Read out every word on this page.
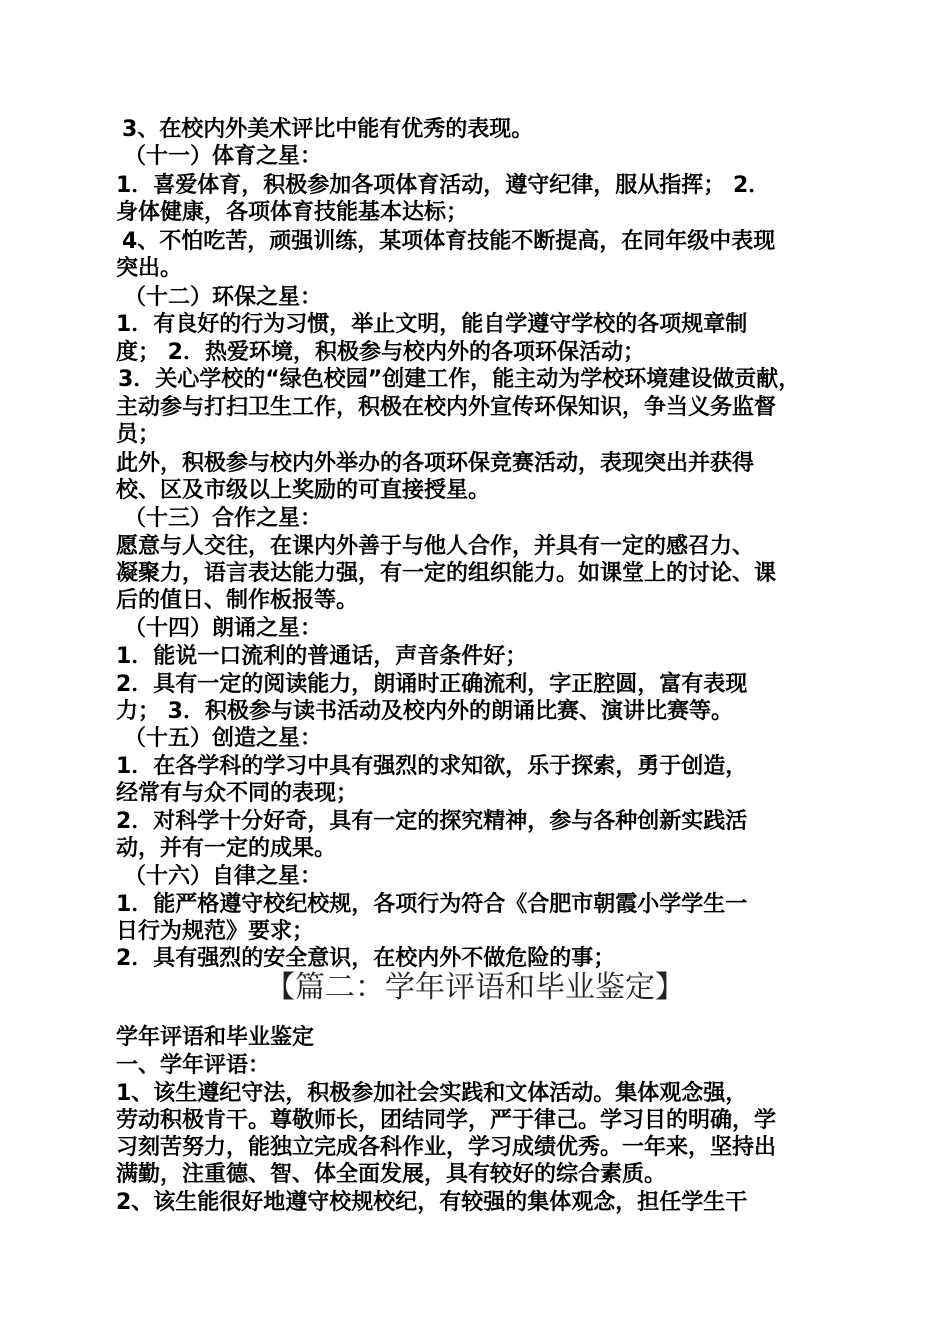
3、在校内外美术评比中能有优秀的表现。
（十一）体育之星：
1．喜爱体育，积极参加各项体育活动，遵守纪律，服从指挥； 2．
身体健康，各项体育技能基本达标；
4、不怕吃苦，顽强训练，某项体育技能不断提高，在同年级中表现
突出。
（十二）环保之星：
1．有良好的行为习惯，举止文明，能自学遵守学校的各项规章制
度； 2．热爱环境，积极参与校内外的各项环保活动；
3．关心学校的“绿色校园”创建工作，能主动为学校环境建设做贡献，
主动参与打扫卫生工作，积极在校内外宣传环保知识，争当义务监督
员；
此外，积极参与校内外举办的各项环保竞赛活动，表现突出并获得
校、区及市级以上奖励的可直接授星。
（十三）合作之星：
愿意与人交往，在课内外善于与他人合作，并具有一定的感召力、
凝聚力，语言表达能力强，有一定的组织能力。如课堂上的讨论、课
后的值日、制作板报等。
（十四）朗诵之星：
1．能说一口流利的普通话，声音条件好；
2．具有一定的阅读能力，朗诵时正确流利，字正腔圆，富有表现
力； 3．积极参与读书活动及校内外的朗诵比赛、演讲比赛等。
（十五）创造之星：
1．在各学科的学习中具有强烈的求知欲，乐于探索，勇于创造，
经常有与众不同的表现；
2．对科学十分好奇，具有一定的探究精神，参与各种创新实践活
动，并有一定的成果。
（十六）自律之星：
1．能严格遵守校纪校规，各项行为符合《合肥市朝霞小学学生一
日行为规范》要求；
2．具有强烈的安全意识，在校内外不做危险的事；
【篇二：学年评语和毕业鉴定】
学年评语和毕业鉴定
一、学年评语：
1、该生遵纪守法，积极参加社会实践和文体活动。集体观念强，
劳动积极肯干。尊敬师长，团结同学，严于律己。学习目的明确，学
习刻苦努力，能独立完成各科作业，学习成绩优秀。一年来，坚持出
满勤，注重德、智、体全面发展，具有较好的综合素质。
2、该生能很好地遵守校规校纪，有较强的集体观念，担任学生干
